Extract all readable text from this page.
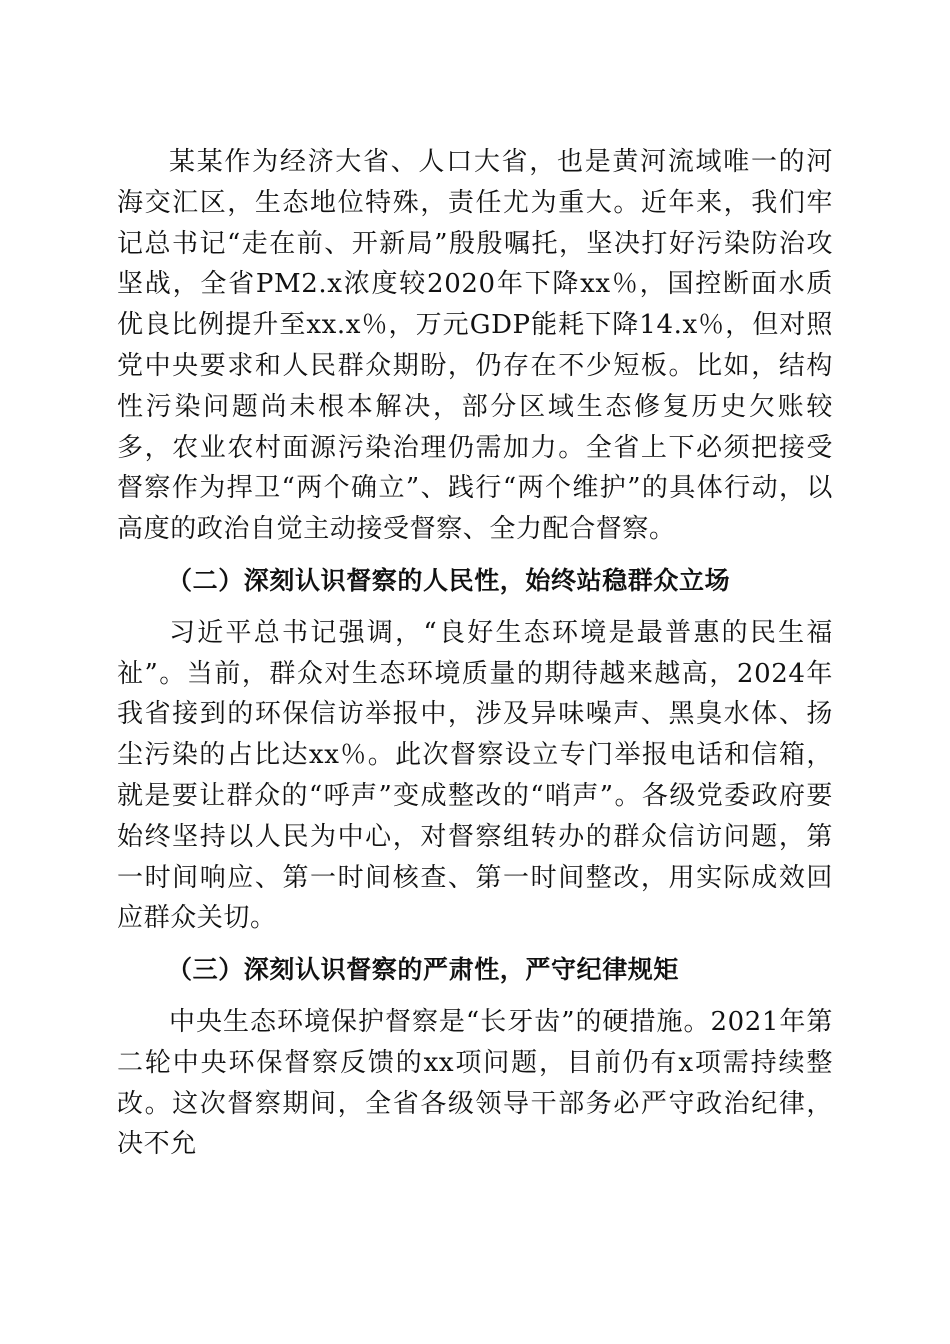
某某作为经济大省、人口大省，也是黄河流域唯一的河海交汇区，生态地位特殊，责任尤为重大。近年来，我们牢记总书记“走在前、开新局”殷殷嘱托，坚决打好污染防治攻坚战，全省PM2.x浓度较2020年下降xx％，国控断面水质优良比例提升至xx.x％，万元GDP能耗下降14.x％，但对照党中央要求和人民群众期盼，仍存在不少短板。比如，结构性污染问题尚未根本解决，部分区域生态修复历史欠账较多，农业农村面源污染治理仍需加力。全省上下必须把接受督察作为捍卫“两个确立”、践行“两个维护”的具体行动，以高度的政治自觉主动接受督察、全力配合督察。

（二）深刻认识督察的人民性，始终站稳群众立场

习近平总书记强调，“良好生态环境是最普惠的民生福祉”。当前，群众对生态环境质量的期待越来越高，2024年我省接到的环保信访举报中，涉及异味噪声、黑臭水体、扬尘污染的占比达xx％。此次督察设立专门举报电话和信箱，就是要让群众的“呼声”变成整改的“哨声”。各级党委政府要始终坚持以人民为中心，对督察组转办的群众信访问题，第一时间响应、第一时间核查、第一时间整改，用实际成效回应群众关切。

（三）深刻认识督察的严肃性，严守纪律规矩

中央生态环境保护督察是“长牙齿”的硬措施。2021年第二轮中央环保督察反馈的xx项问题，目前仍有x项需持续整改。这次督察期间，全省各级领导干部务必严守政治纪律，决不允
